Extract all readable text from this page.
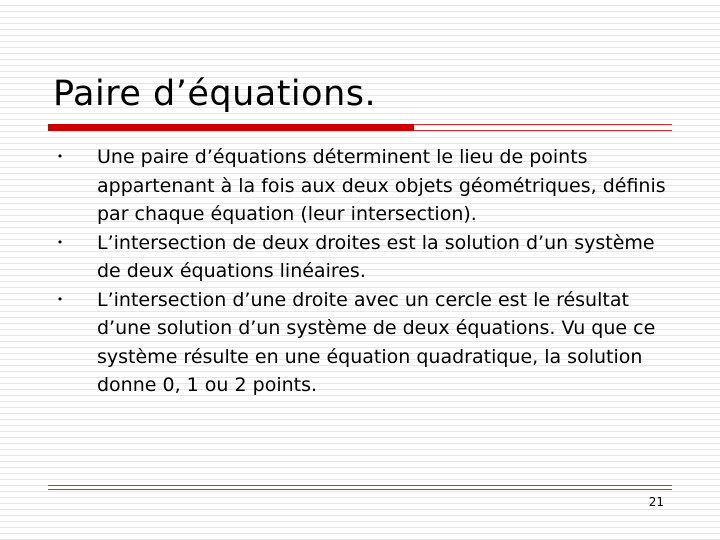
Paire d’équations.
• Une paire d’équations déterminent le lieu de points appartenant à la fois aux deux objets géométriques, définis par chaque équation (leur intersection).
• L’intersection de deux droites est la solution d’un système de deux équations linéaires.
• L’intersection d’une droite avec un cercle est le résultat d’une solution d’un système de deux équations. Vu que ce système résulte en une équation quadratique, la solution donne 0, 1 ou 2 points.
21
